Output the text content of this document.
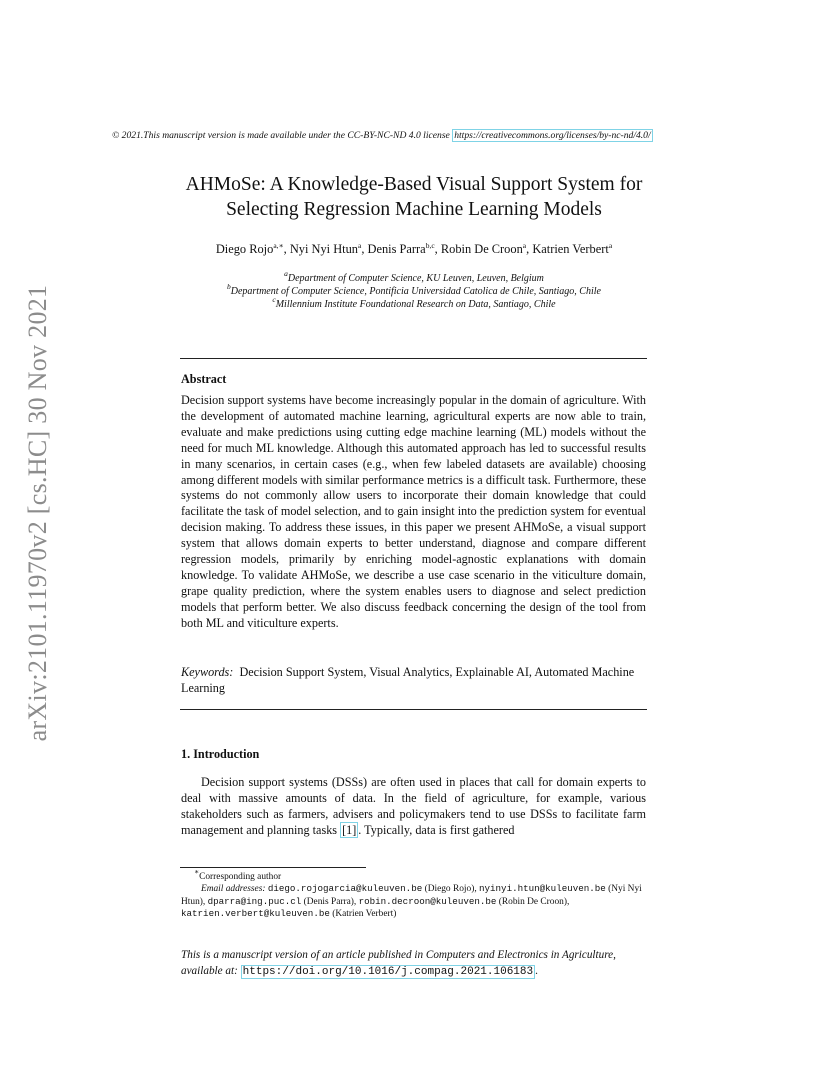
© 2021.This manuscript version is made available under the CC-BY-NC-ND 4.0 license https://creativecommons.org/licenses/by-nc-nd/4.0/
arXiv:2101.11970v2 [cs.HC] 30 Nov 2021
AHMoSe: A Knowledge-Based Visual Support System for
Selecting Regression Machine Learning Models
Diego Rojo$^{a,∗}$, Nyi Nyi Htun$^a$, Denis Parra$^{b,c}$, Robin De Croon$^a$, Katrien Verbert$^a$
$^a$Department of Computer Science, KU Leuven, Leuven, Belgium
$^b$Department of Computer Science, Pontificia Universidad Catolica de Chile, Santiago, Chile
$^c$Millennium Institute Foundational Research on Data, Santiago, Chile
Abstract
Decision support systems have become increasingly popular in the domain of agriculture. With the development of automated machine learning, agricultural experts are now able to train, evaluate and make predictions using cutting edge machine learning (ML) models without the need for much ML knowledge. Although this automated approach has led to successful results in many scenarios, in certain cases (e.g., when few labeled datasets are available) choosing among different models with similar performance metrics is a difficult task. Furthermore, these systems do not commonly allow users to incorporate their domain knowledge that could facilitate the task of model selection, and to gain insight into the prediction system for eventual decision making. To address these issues, in this paper we present AHMoSe, a visual support system that allows domain experts to better understand, diagnose and compare different regression models, primarily by enriching model-agnostic explanations with domain knowledge. To validate AHMoSe, we describe a use case scenario in the viticulture domain, grape quality prediction, where the system enables users to diagnose and select prediction models that perform better. We also discuss feedback concerning the design of the tool from both ML and viticulture experts.
Keywords: Decision Support System, Visual Analytics, Explainable AI, Automated Machine Learning
1. Introduction
Decision support systems (DSSs) are often used in places that call for domain experts to deal with massive amounts of data. In the field of agriculture, for example, various stakeholders such as farmers, advisers and policymakers tend to use DSSs to facilitate farm management and planning tasks [1] . Typically, data is first gathered
∗Corresponding author
Email addresses: diego.rojogarcia@kuleuven.be (Diego Rojo), nyinyi.htun@kuleuven.be (Nyi Nyi Htun), dparra@ing.puc.cl (Denis Parra), robin.decroon@kuleuven.be (Robin De Croon), katrien.verbert@kuleuven.be (Katrien Verbert)
This is a manuscript version of an article published in Computers and Electronics in Agriculture, available at: https://doi.org/10.1016/j.compag.2021.106183 .
